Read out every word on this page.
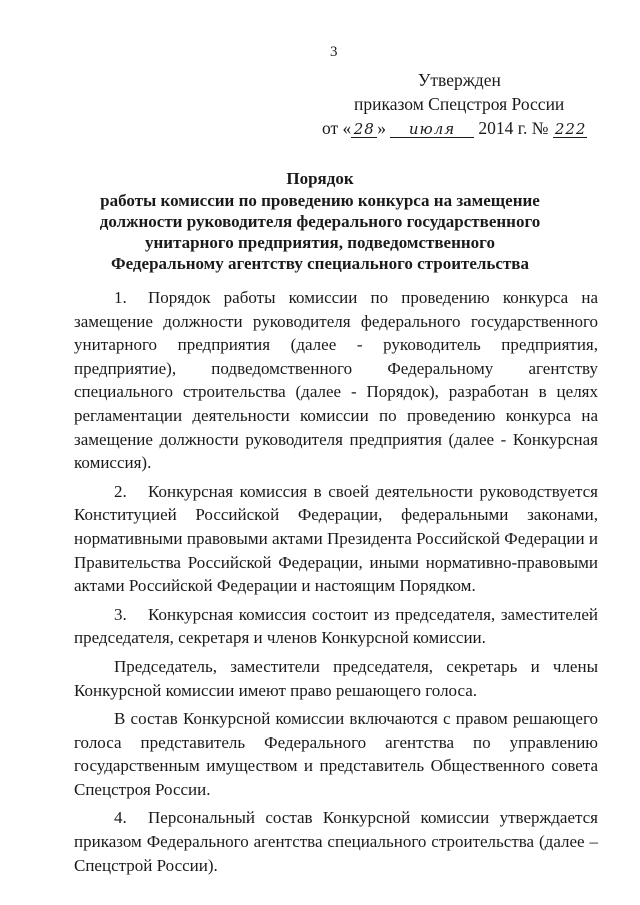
3
Утвержден
приказом Спецстроя России
от « 28 » июля 2014 г. № 222
Порядок
работы комиссии по проведению конкурса на замещение
должности руководителя федерального государственного
унитарного предприятия, подведомственного
Федеральному агентству специального строительства

1. Порядок работы комиссии по проведению конкурса на замещение должности руководителя федерального государственного унитарного предприятия (далее - руководитель предприятия, предприятие), подведомственного Федеральному агентству специального строительства (далее - Порядок), разработан в целях регламентации деятельности комиссии по проведению конкурса на замещение должности руководителя предприятия (далее - Конкурсная комиссия).

2. Конкурсная комиссия в своей деятельности руководствуется Конституцией Российской Федерации, федеральными законами, нормативными правовыми актами Президента Российской Федерации и Правительства Российской Федерации, иными нормативно-правовыми актами Российской Федерации и настоящим Порядком.

3. Конкурсная комиссия состоит из председателя, заместителей председателя, секретаря и членов Конкурсной комиссии.

Председатель, заместители председателя, секретарь и члены Конкурсной комиссии имеют право решающего голоса.

В состав Конкурсной комиссии включаются с правом решающего голоса представитель Федерального агентства по управлению государственным имуществом и представитель Общественного совета Спецстроя России.

4. Персональный состав Конкурсной комиссии утверждается приказом Федерального агентства специального строительства (далее – Спецстрой России).
